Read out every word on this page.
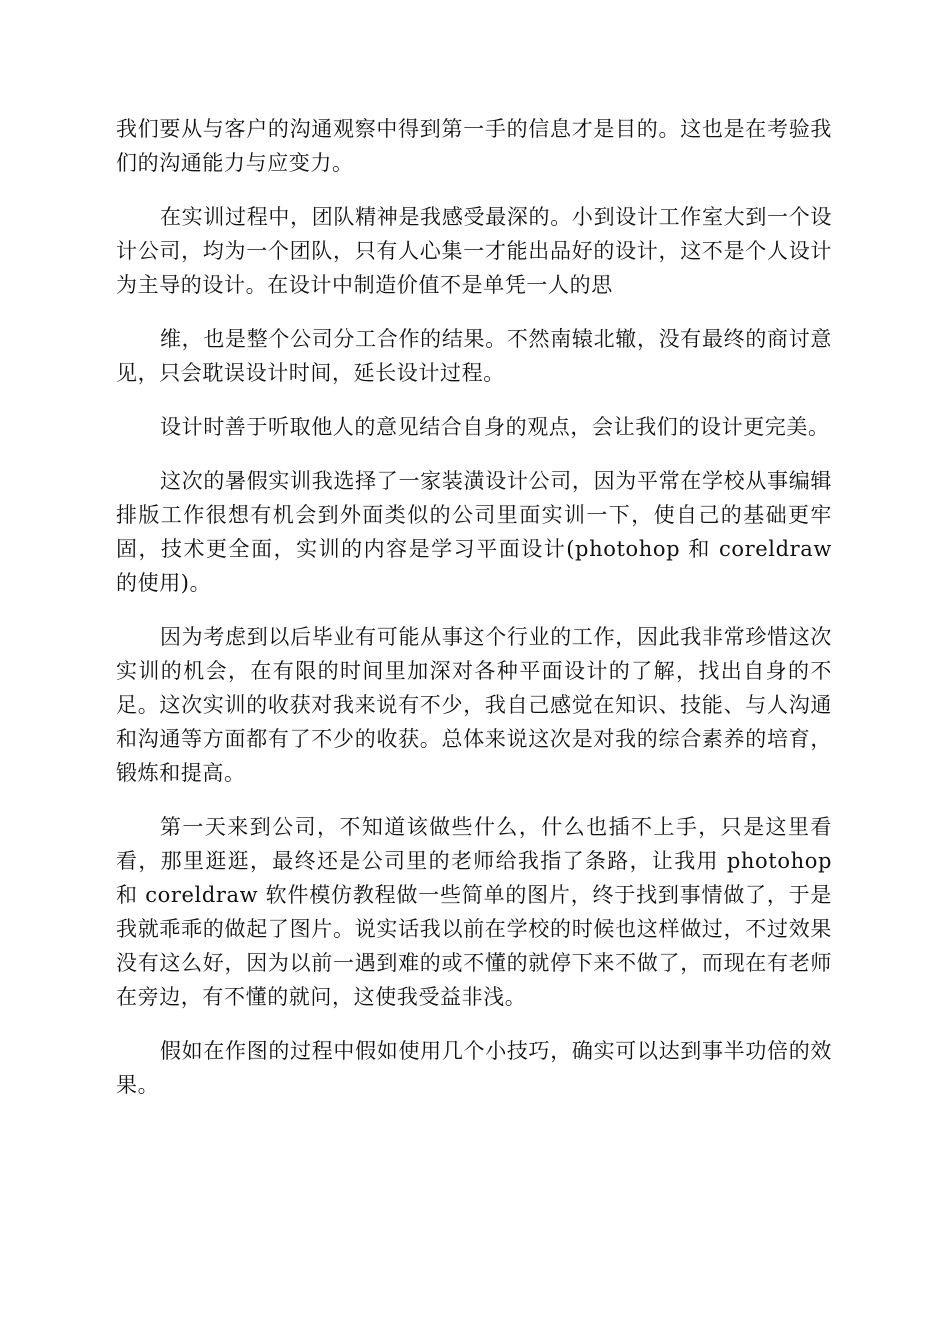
我们要从与客户的沟通观察中得到第一手的信息才是目的。这也是在考验我们的沟通能力与应变力。

在实训过程中，团队精神是我感受最深的。小到设计工作室大到一个设计公司，均为一个团队，只有人心集一才能出品好的设计，这不是个人设计为主导的设计。在设计中制造价值不是单凭一人的思

维，也是整个公司分工合作的结果。不然南辕北辙，没有最终的商讨意见，只会耽误设计时间，延长设计过程。

设计时善于听取他人的意见结合自身的观点，会让我们的设计更完美。

这次的暑假实训我选择了一家装潢设计公司，因为平常在学校从事编辑排版工作很想有机会到外面类似的公司里面实训一下，使自己的基础更牢固，技术更全面，实训的内容是学习平面设计(photohop 和 coreldraw 的使用)。

因为考虑到以后毕业有可能从事这个行业的工作，因此我非常珍惜这次实训的机会，在有限的时间里加深对各种平面设计的了解，找出自身的不足。这次实训的收获对我来说有不少，我自己感觉在知识、技能、与人沟通和沟通等方面都有了不少的收获。总体来说这次是对我的综合素养的培育，锻炼和提高。

第一天来到公司，不知道该做些什么，什么也插不上手，只是这里看看，那里逛逛，最终还是公司里的老师给我指了条路，让我用 photohop 和 coreldraw 软件模仿教程做一些简单的图片，终于找到事情做了，于是我就乖乖的做起了图片。说实话我以前在学校的时候也这样做过，不过效果没有这么好，因为以前一遇到难的或不懂的就停下来不做了，而现在有老师在旁边，有不懂的就问，这使我受益非浅。

假如在作图的过程中假如使用几个小技巧，确实可以达到事半功倍的效果。
